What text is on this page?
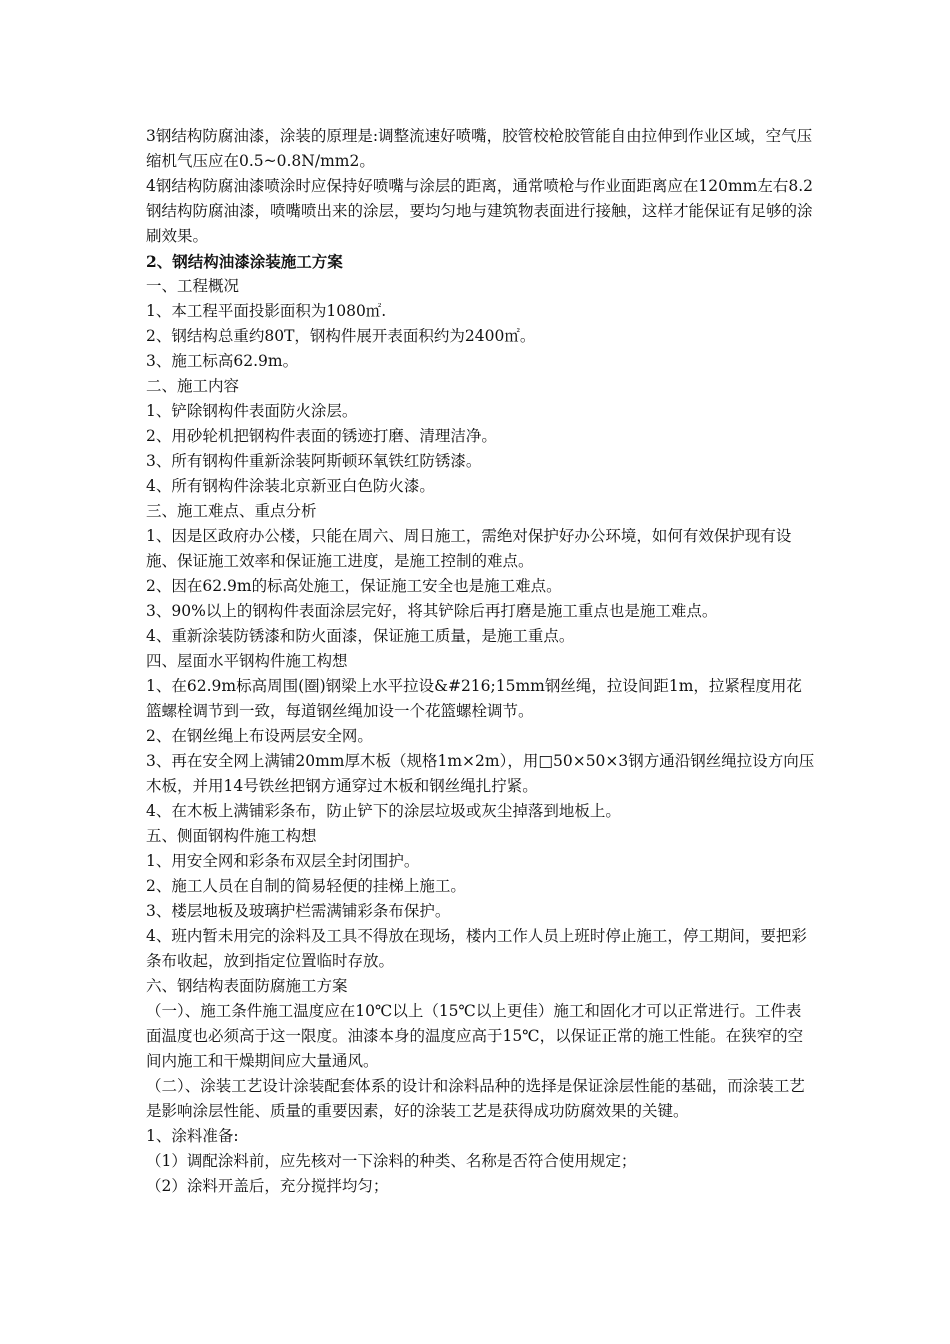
3钢结构防腐油漆，涂装的原理是:调整流速好喷嘴，胶管校枪胶管能自由拉伸到作业区域，空气压缩机气压应在0.5~0.8N/mm2。

4钢结构防腐油漆喷涂时应保持好喷嘴与涂层的距离，通常喷枪与作业面距离应在120mm左右8.2钢结构防腐油漆，喷嘴喷出来的涂层，要均匀地与建筑物表面进行接触，这样才能保证有足够的涂刷效果。

2、钢结构油漆涂装施工方案

一、工程概况

1、本工程平面投影面积为1080㎡.

2、钢结构总重约80T，钢构件展开表面积约为2400㎡。

3、施工标高62.9m。

二、施工内容

1、铲除钢构件表面防火涂层。

2、用砂轮机把钢构件表面的锈迹打磨、清理洁净。

3、所有钢构件重新涂装阿斯顿环氧铁红防锈漆。

4、所有钢构件涂装北京新亚白色防火漆。

三、施工难点、重点分析

1、因是区政府办公楼，只能在周六、周日施工，需绝对保护好办公环境，如何有效保护现有设施、保证施工效率和保证施工进度，是施工控制的难点。

2、因在62.9m的标高处施工，保证施工安全也是施工难点。

3、90%以上的钢构件表面涂层完好，将其铲除后再打磨是施工重点也是施工难点。

4、重新涂装防锈漆和防火面漆，保证施工质量，是施工重点。

四、屋面水平钢构件施工构想

1、在62.9m标高周围(圈)钢梁上水平拉设&#216;15mm钢丝绳，拉设间距1m，拉紧程度用花篮螺栓调节到一致，每道钢丝绳加设一个花篮螺栓调节。

2、在钢丝绳上布设两层安全网。

3、再在安全网上满铺20mm厚木板（规格1m×2m），用□50×50×3钢方通沿钢丝绳拉设方向压木板，并用14号铁丝把钢方通穿过木板和钢丝绳扎拧紧。

4、在木板上满铺彩条布，防止铲下的涂层垃圾或灰尘掉落到地板上。

五、侧面钢构件施工构想

1、用安全网和彩条布双层全封闭围护。

2、施工人员在自制的简易轻便的挂梯上施工。

3、楼层地板及玻璃护栏需满铺彩条布保护。

4、班内暂未用完的涂料及工具不得放在现场，楼内工作人员上班时停止施工，停工期间，要把彩条布收起，放到指定位置临时存放。

六、钢结构表面防腐施工方案

（一）、施工条件施工温度应在10℃以上（15℃以上更佳）施工和固化才可以正常进行。工件表面温度也必须高于这一限度。油漆本身的温度应高于15℃，以保证正常的施工性能。在狭窄的空间内施工和干燥期间应大量通风。

（二）、涂装工艺设计涂装配套体系的设计和涂料品种的选择是保证涂层性能的基础，而涂装工艺是影响涂层性能、质量的重要因素，好的涂装工艺是获得成功防腐效果的关键。

1、涂料准备:

（1）调配涂料前，应先核对一下涂料的种类、名称是否符合使用规定；

（2）涂料开盖后，充分搅拌均匀；
